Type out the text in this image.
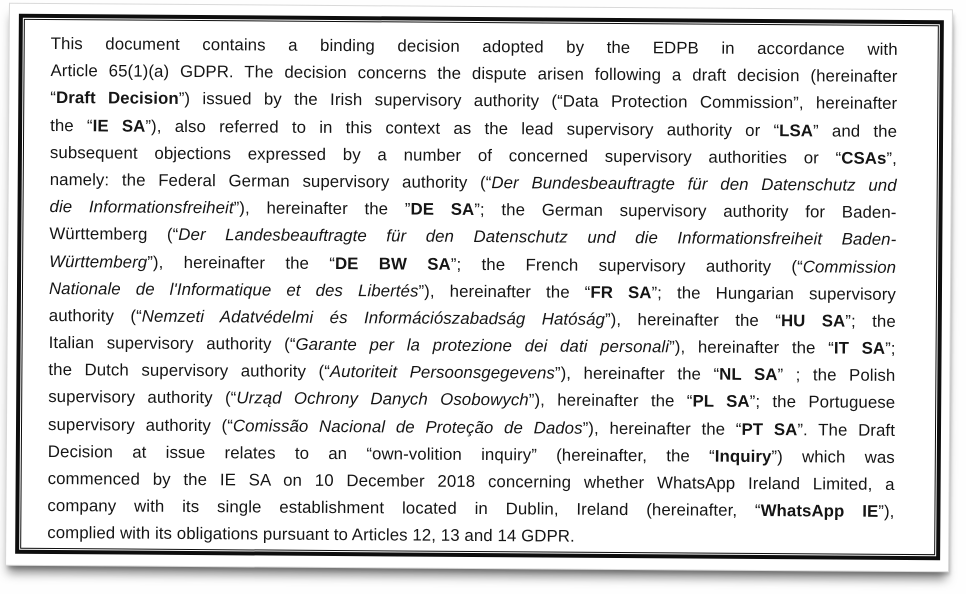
This document contains a binding decision adopted by the EDPB in accordance with
Article 65(1)(a) GDPR. The decision concerns the dispute arisen following a draft decision (hereinafter
“Draft Decision”) issued by the Irish supervisory authority (“Data Protection Commission”, hereinafter
the “IE SA”), also referred to in this context as the lead supervisory authority or “LSA” and the
subsequent objections expressed by a number of concerned supervisory authorities or “CSAs”,
namely: the Federal German supervisory authority (“Der Bundesbeauftragte für den Datenschutz und
die Informationsfreiheit”), hereinafter the ”DE SA”; the German supervisory authority for Baden-
Württemberg (“Der Landesbeauftragte für den Datenschutz und die Informationsfreiheit Baden-
Württemberg”), hereinafter the “DE BW SA”; the French supervisory authority (“Commission
Nationale de l'Informatique et des Libertés”), hereinafter the “FR SA”; the Hungarian supervisory
authority (“Nemzeti Adatvédelmi és Információszabadság Hatóság”), hereinafter the “HU SA”; the
Italian supervisory authority (“Garante per la protezione dei dati personali”), hereinafter the “IT SA”;
the Dutch supervisory authority (“Autoriteit Persoonsgegevens”), hereinafter the “NL SA” ; the Polish
supervisory authority (“Urząd Ochrony Danych Osobowych”), hereinafter the “PL SA”; the Portuguese
supervisory authority (“Comissão Nacional de Proteção de Dados”), hereinafter the “PT SA”. The Draft
Decision at issue relates to an “own-volition inquiry” (hereinafter, the “Inquiry”) which was
commenced by the IE SA on 10 December 2018 concerning whether WhatsApp Ireland Limited, a
company with its single establishment located in Dublin, Ireland (hereinafter, “WhatsApp IE”),
complied with its obligations pursuant to Articles 12, 13 and 14 GDPR.
